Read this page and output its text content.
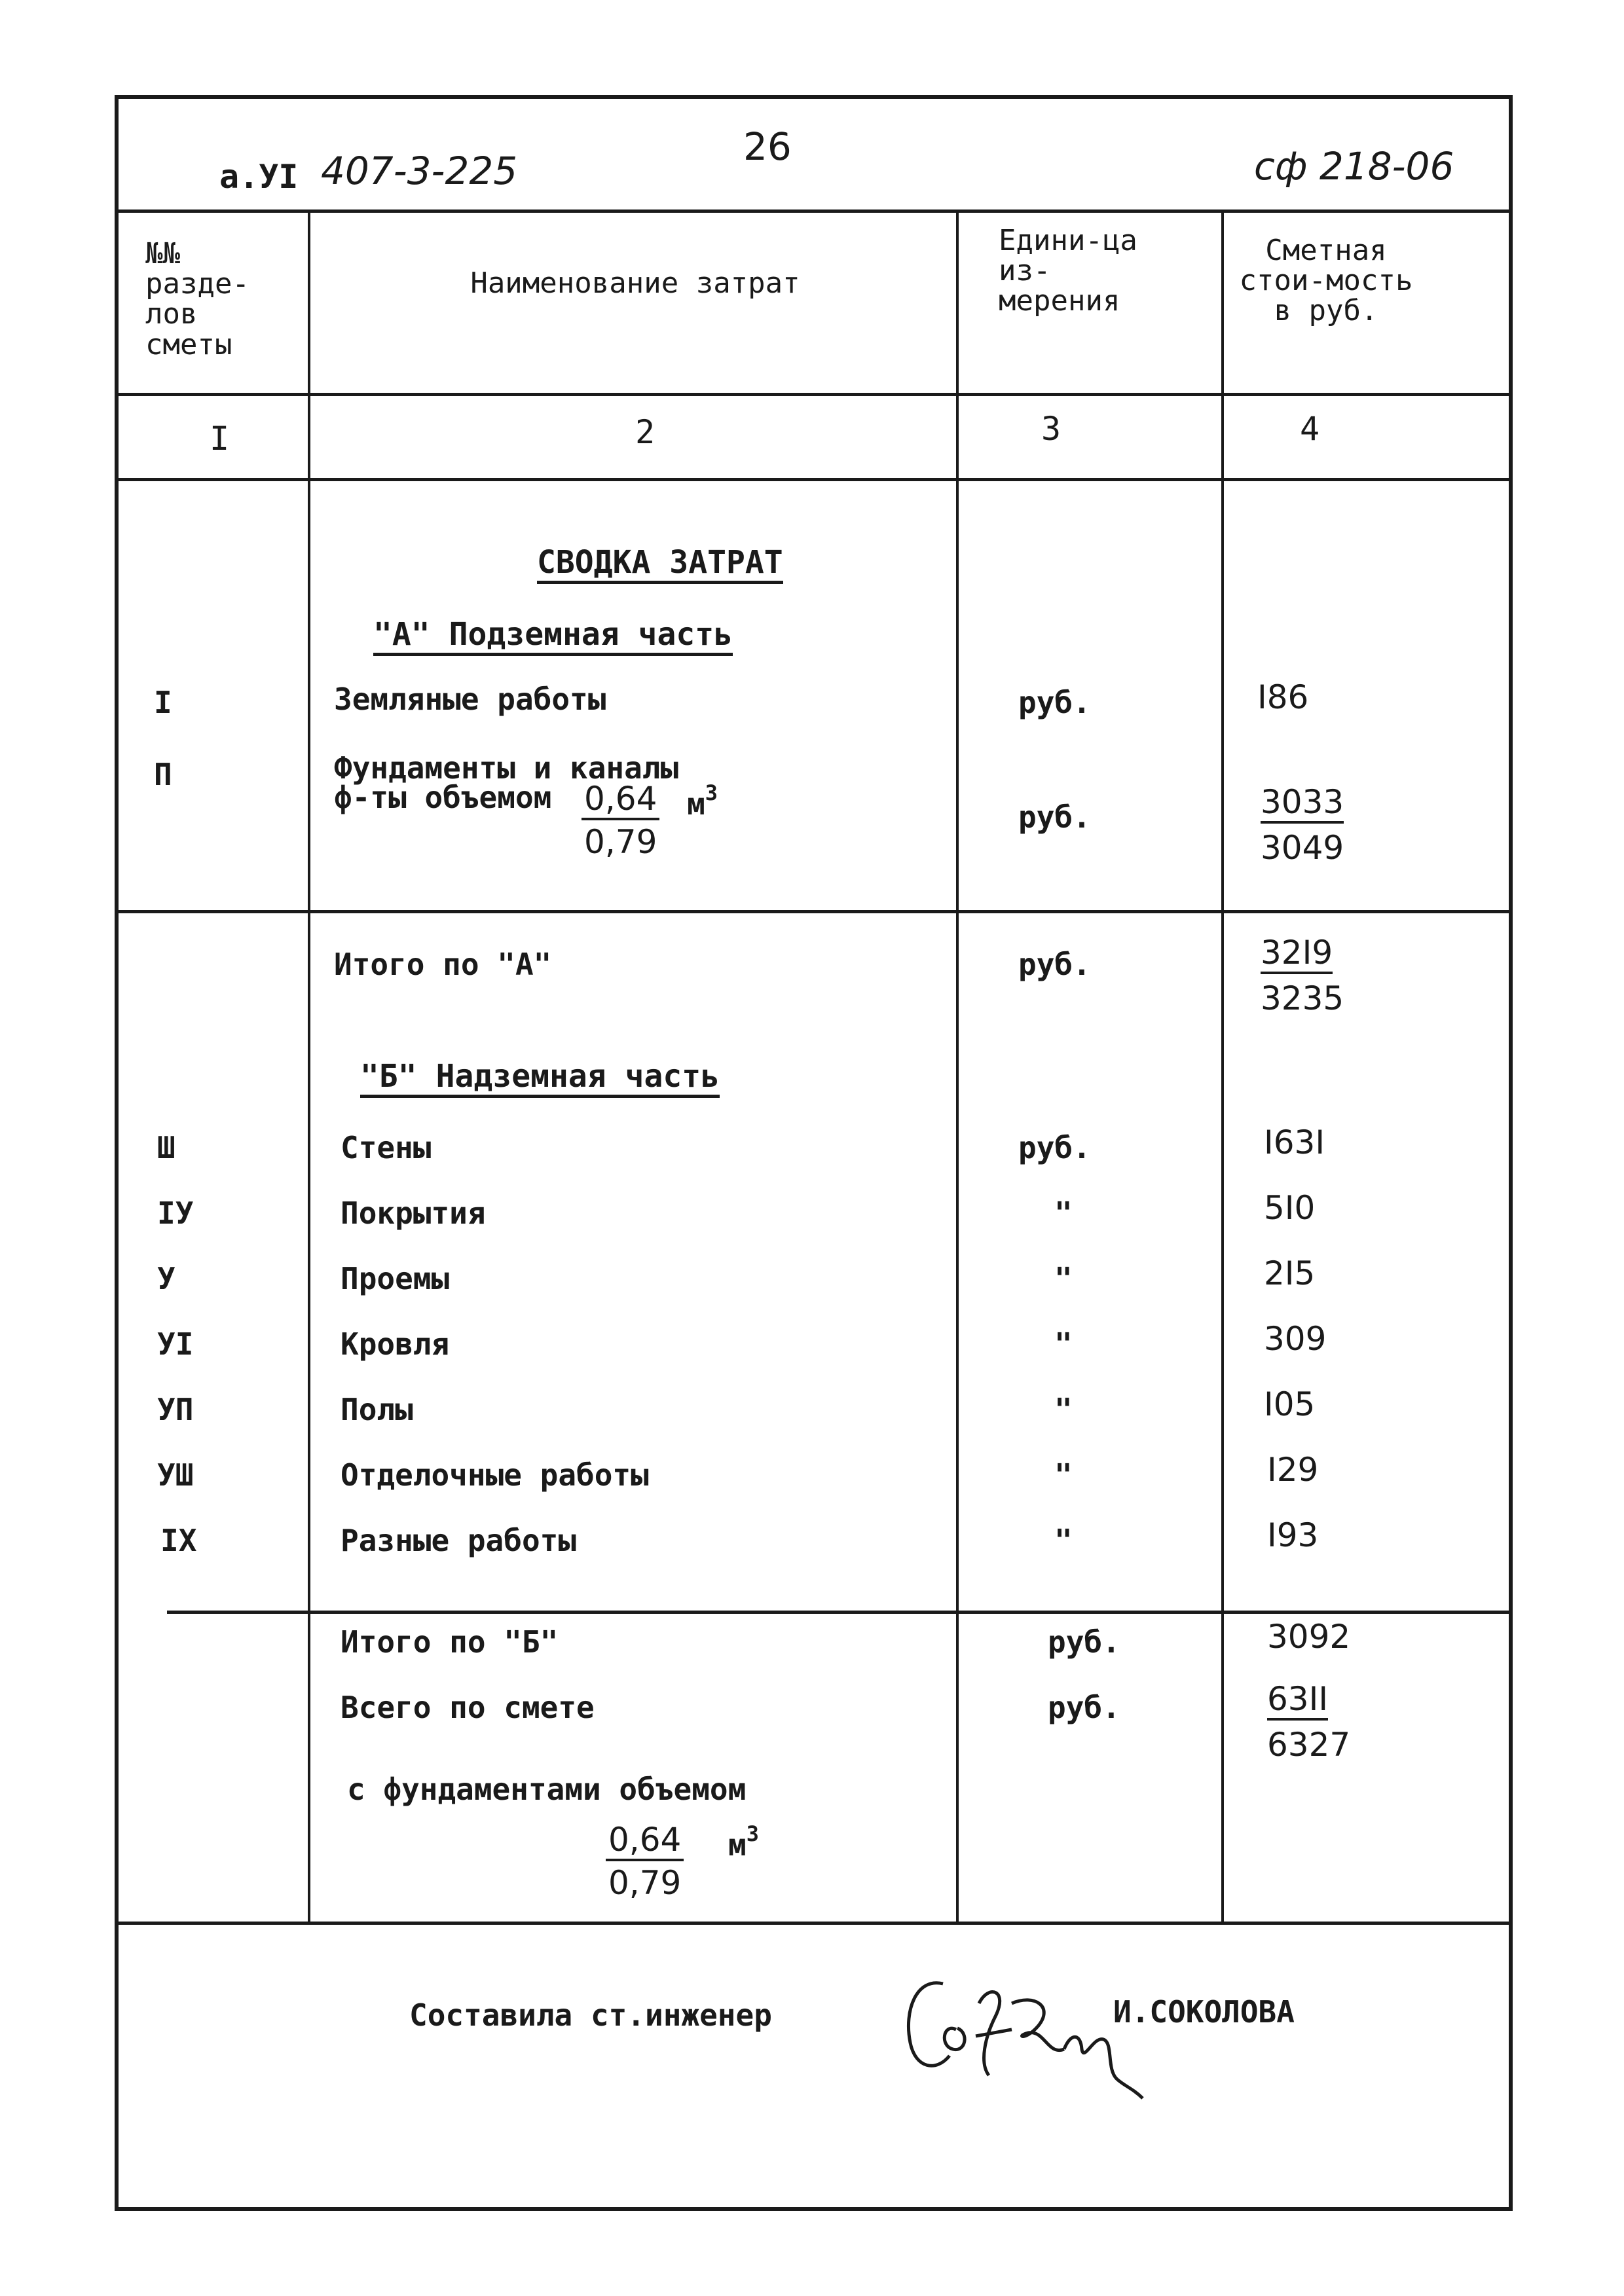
а.УI 407-3-225
26	сф 218-06
№№ разде-лов сметы
Наименование затрат
Едини-ца из-мерения
Сметная стои-мость в руб.
I	2	3	4
СВОДКА ЗАТРАТ
"А" Подземная часть
I	Земляные работы	руб.	I86
П	Фундаменты и каналы
ф-ты объемом $\frac{0,64}{0,79} м^3$
руб.	3033
3049
Итого по "А"	руб.	32I9
3235
"Б" Надземная часть
Ш	Стены	руб.	I63I
IУ	Покрытия	"	5I0
У	Проемы	"	2I5
УI	Кровля	"	309
УП	Полы	"	I05
УШ	Отделочные работы	"	I29
IX	Разные работы	"	I93
Итого по "Б"	руб.	3092
Всего по смете	руб.	63II
6327
с фундаментами объемом
$\frac{0,64}{0,79} м^3$
Составила ст.инженер	И.СОКОЛОВА
